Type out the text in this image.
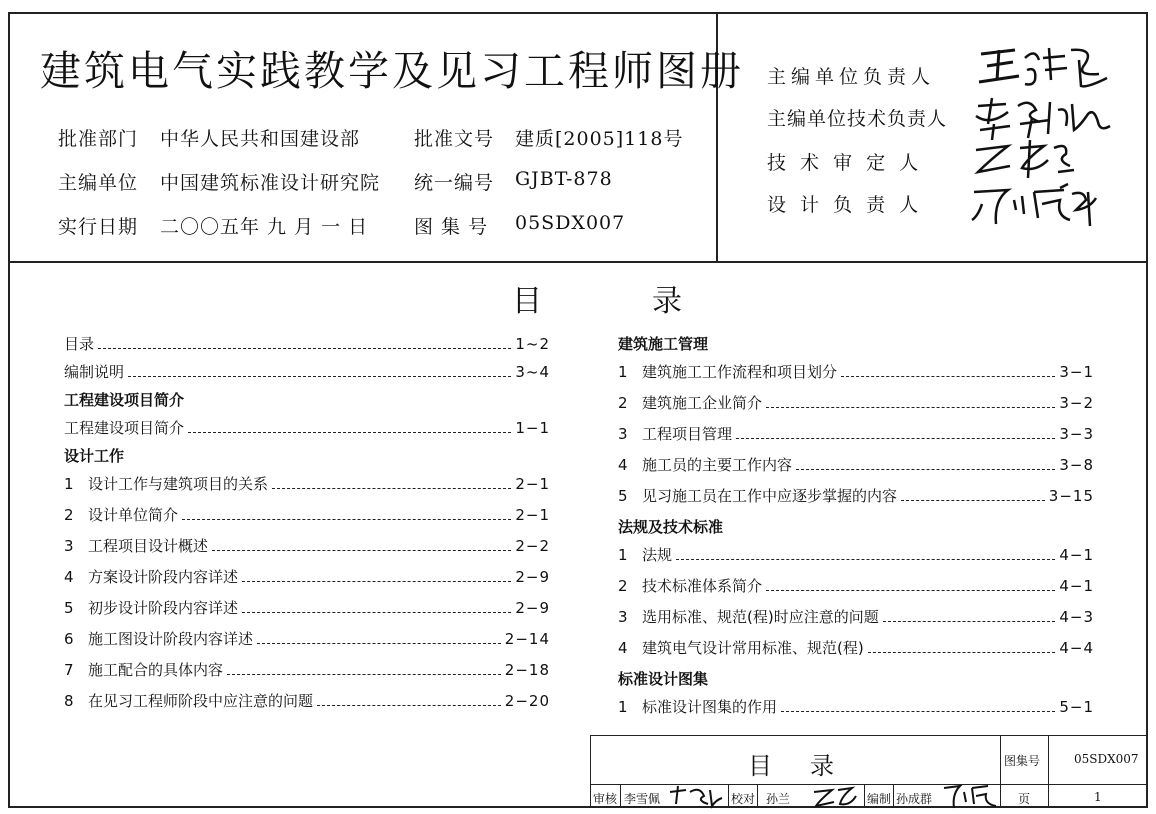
建筑电气实践教学及见习工程师图册
批准部门 中华人民共和国建设部	批准文号 建质[2005]118号
主编单位 中国建筑标准设计研究院 统一编号 GJBT-878
实行日期 二〇〇五年 九 月 一 日 图 集 号 05SDX007
主编单位负责人
主编单位技术负责人
技 术 审 定 人
设 计 负 责 人
目	录
目录	1~2
编制说明	3~4
工程建设项目简介
工程建设项目简介	1−1
设计工作
1 设计工作与建筑项目的关系	2−1
2 设计单位简介	2−1
3 工程项目设计概述	2−2
4 方案设计阶段内容详述	2−9
5 初步设计阶段内容详述	2−9
6 施工图设计阶段内容详述	2−14
7 施工配合的具体内容	2−18
8 在见习工程师阶段中应注意的问题	2−20
建筑施工管理
1 建筑施工工作流程和项目划分	3−1
2 建筑施工企业简介	3−2
3 工程项目管理	3−3
4 施工员的主要工作内容	3−8
5 见习施工员在工作中应逐步掌握的内容	3−15
法规及技术标准
1 法规	4−1
2 技术标准体系简介	4−1
3 选用标准、规范(程)时应注意的问题	4−3
4 建筑电气设计常用标准、规范(程)	4−4
标准设计图集
1 标准设计图集的作用	5−1
目 录	图集号	05SDX007
审核 李雪佩	校对 孙兰	编制 孙成群	页	1
